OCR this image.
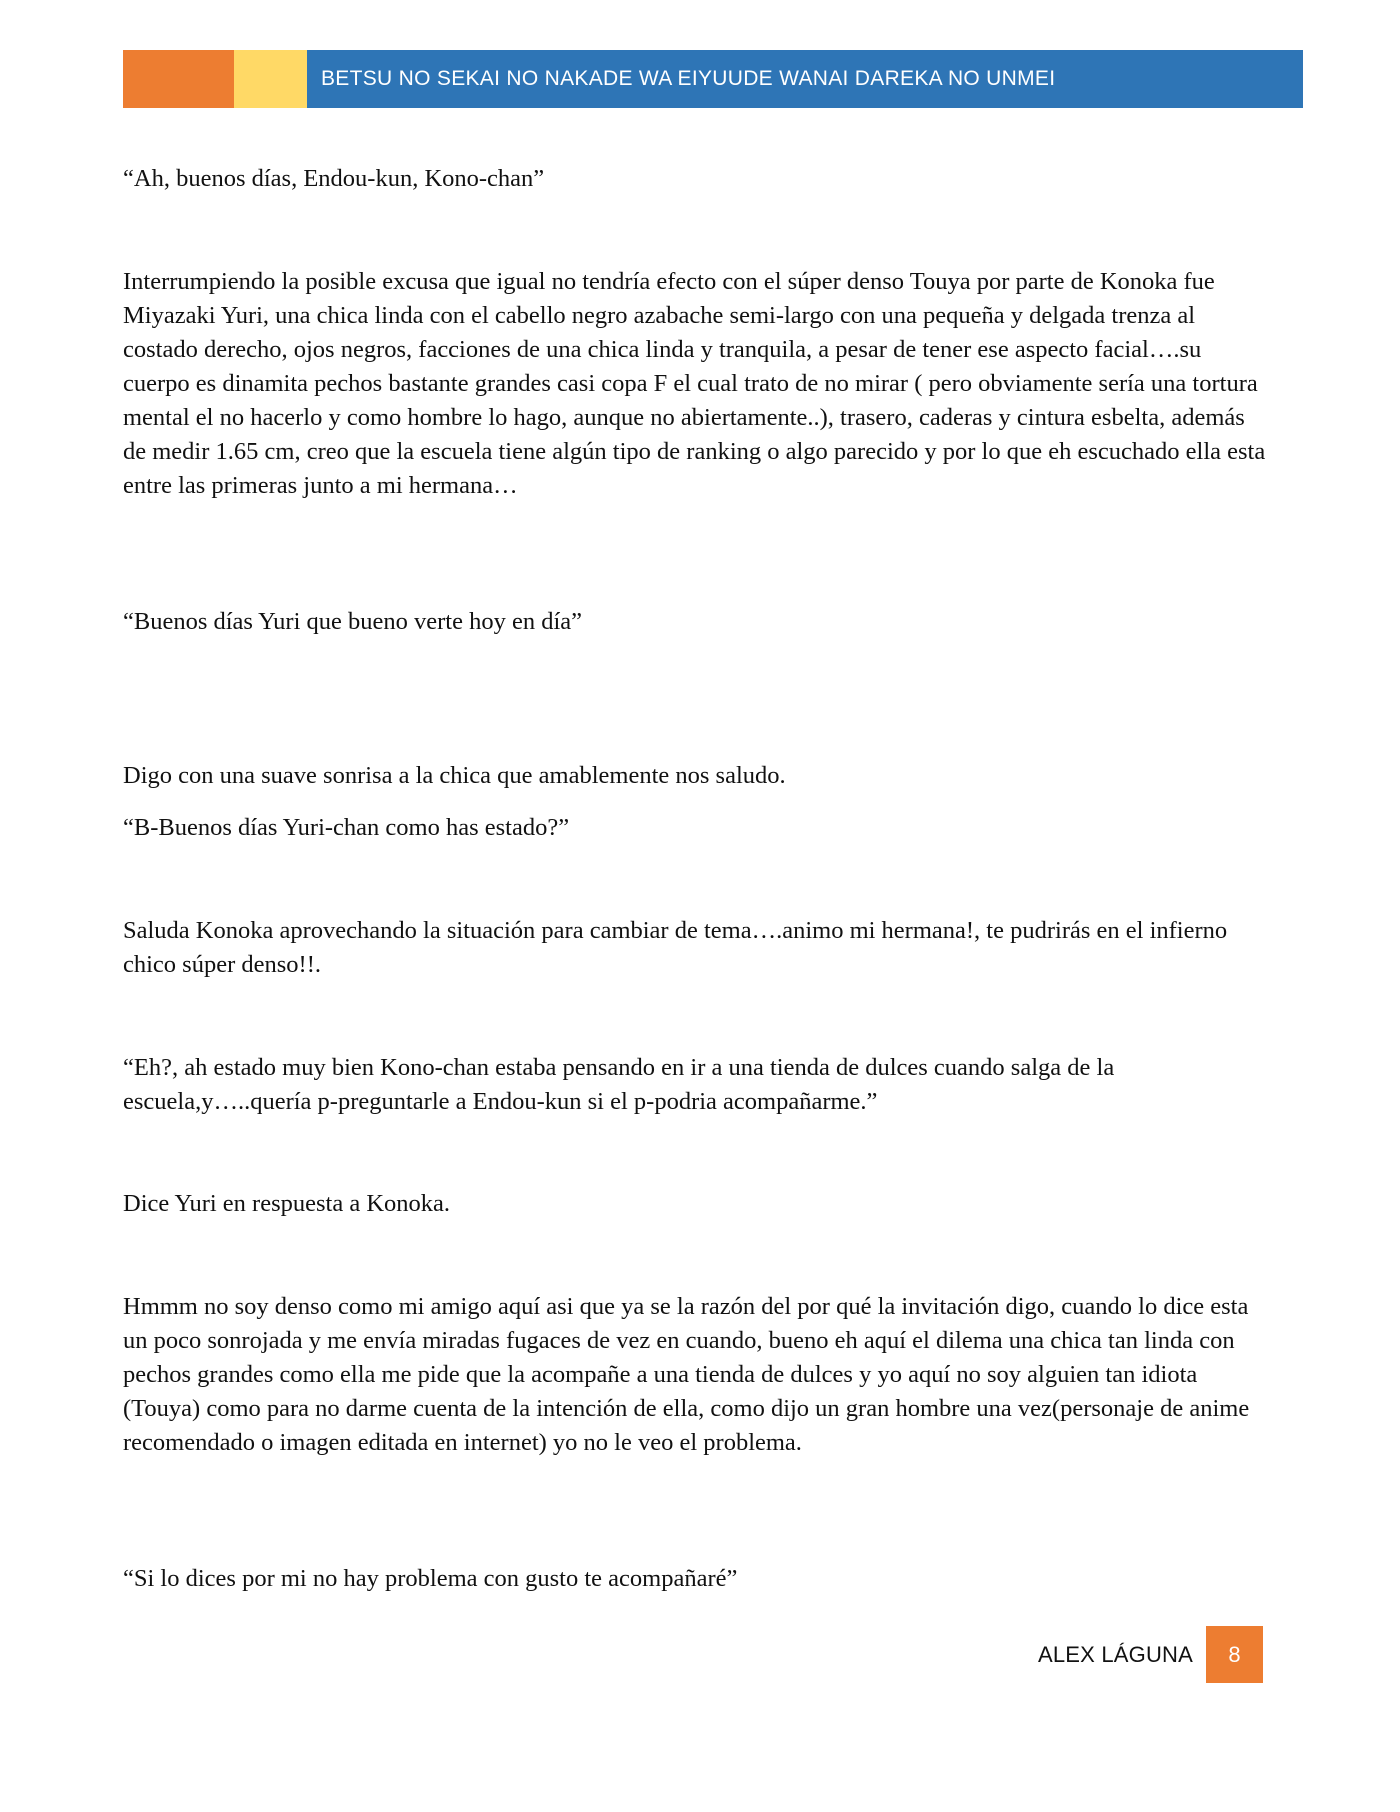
BETSU NO SEKAI NO NAKADE WA EIYUUDE WANAI DAREKA NO UNMEI

“Ah, buenos días, Endou-kun, Kono-chan”

Interrumpiendo la posible excusa que igual no tendría efecto con el súper denso Touya por parte de Konoka fue Miyazaki Yuri, una chica linda con el cabello negro azabache semi-largo con una pequeña y delgada trenza al costado derecho, ojos negros, facciones de una chica linda y tranquila, a pesar de tener ese aspecto facial….su cuerpo es dinamita pechos bastante grandes casi copa F el cual trato de no mirar ( pero obviamente sería una tortura mental el no hacerlo y como hombre lo hago, aunque no abiertamente..), trasero, caderas y cintura esbelta, además de medir 1.65 cm, creo que la escuela tiene algún tipo de ranking o algo parecido y por lo que eh escuchado ella esta entre las primeras junto a mi hermana…

“Buenos días Yuri que bueno verte hoy en día”

Digo con una suave sonrisa a la chica que amablemente nos saludo.

“B-Buenos días Yuri-chan como has estado?”

Saluda Konoka aprovechando la situación para cambiar de tema….animo mi hermana!, te pudrirás en el infierno chico súper denso!!.

“Eh?, ah estado muy bien Kono-chan estaba pensando en ir a una tienda de dulces cuando salga de la escuela,y…..quería p-preguntarle a Endou-kun si el p-podria acompañarme.”

Dice Yuri en respuesta a Konoka.

Hmmm no soy denso como mi amigo aquí asi que ya se la razón del por qué la invitación digo, cuando lo dice esta un poco sonrojada y me envía miradas fugaces de vez en cuando, bueno eh aquí el dilema una chica tan linda con pechos grandes como ella me pide que la acompañe a una tienda de dulces y yo aquí no soy alguien tan idiota (Touya) como para no darme cuenta de la intención de ella, como dijo un gran hombre una vez(personaje de anime recomendado o imagen editada en internet) yo no le veo el problema.

“Si lo dices por mi no hay problema con gusto te acompañaré”

ALEX LÁGUNA 8
